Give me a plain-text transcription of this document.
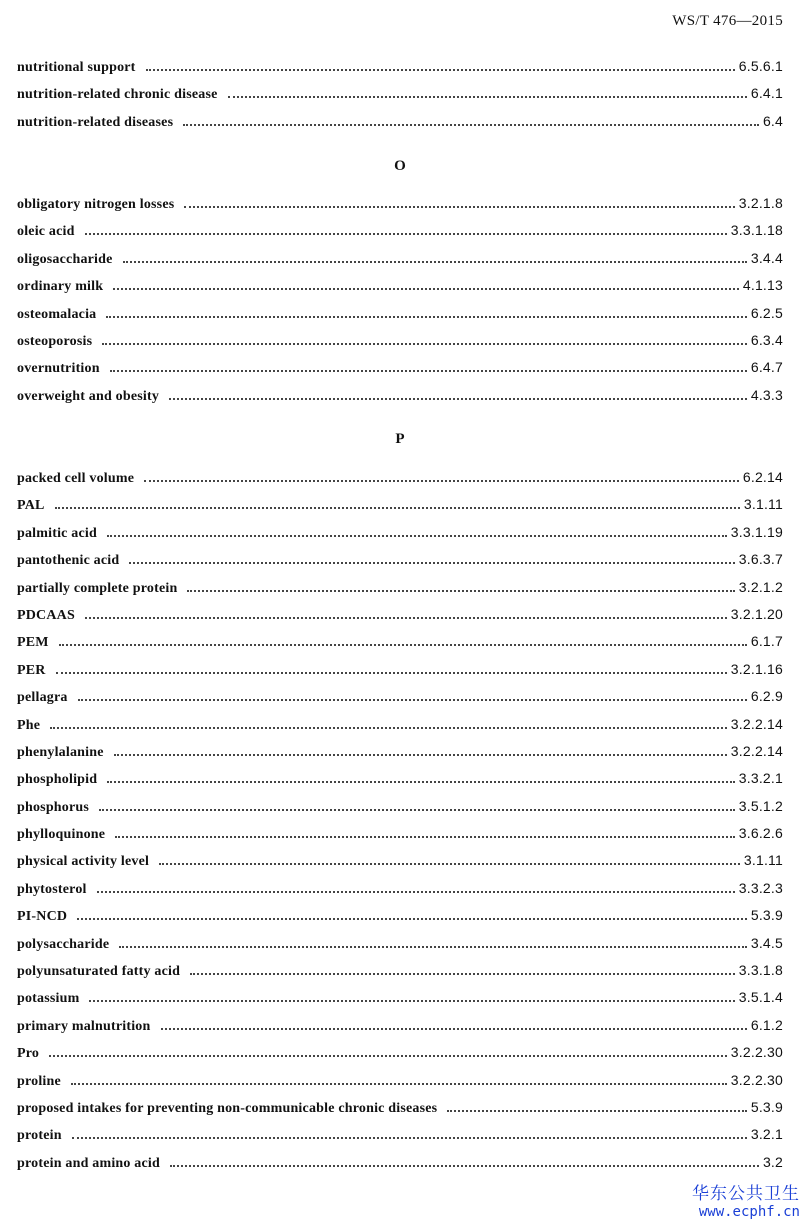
WS/T 476—2015
nutritional support	6.5.6.1
nutrition-related chronic disease	6.4.1
nutrition-related diseases	6.4
O
obligatory nitrogen losses	3.2.1.8
oleic acid	3.3.1.18
oligosaccharide	3.4.4
ordinary milk	4.1.13
osteomalacia	6.2.5
osteoporosis	6.3.4
overnutrition	6.4.7
overweight and obesity	4.3.3
P
packed cell volume	6.2.14
PAL	3.1.11
palmitic acid	3.3.1.19
pantothenic acid	3.6.3.7
partially complete protein	3.2.1.2
PDCAAS	3.2.1.20
PEM	6.1.7
PER	3.2.1.16
pellagra	6.2.9
Phe	3.2.2.14
phenylalanine	3.2.2.14
phospholipid	3.3.2.1
phosphorus	3.5.1.2
phylloquinone	3.6.2.6
physical activity level	3.1.11
phytosterol	3.3.2.3
PI-NCD	5.3.9
polysaccharide	3.4.5
polyunsaturated fatty acid	3.3.1.8
potassium	3.5.1.4
primary malnutrition	6.1.2
Pro	3.2.2.30
proline	3.2.2.30
proposed intakes for preventing non-communicable chronic diseases	5.3.9
protein	3.2.1
protein and amino acid	3.2
华东公共卫生
www.ecphf.cn
